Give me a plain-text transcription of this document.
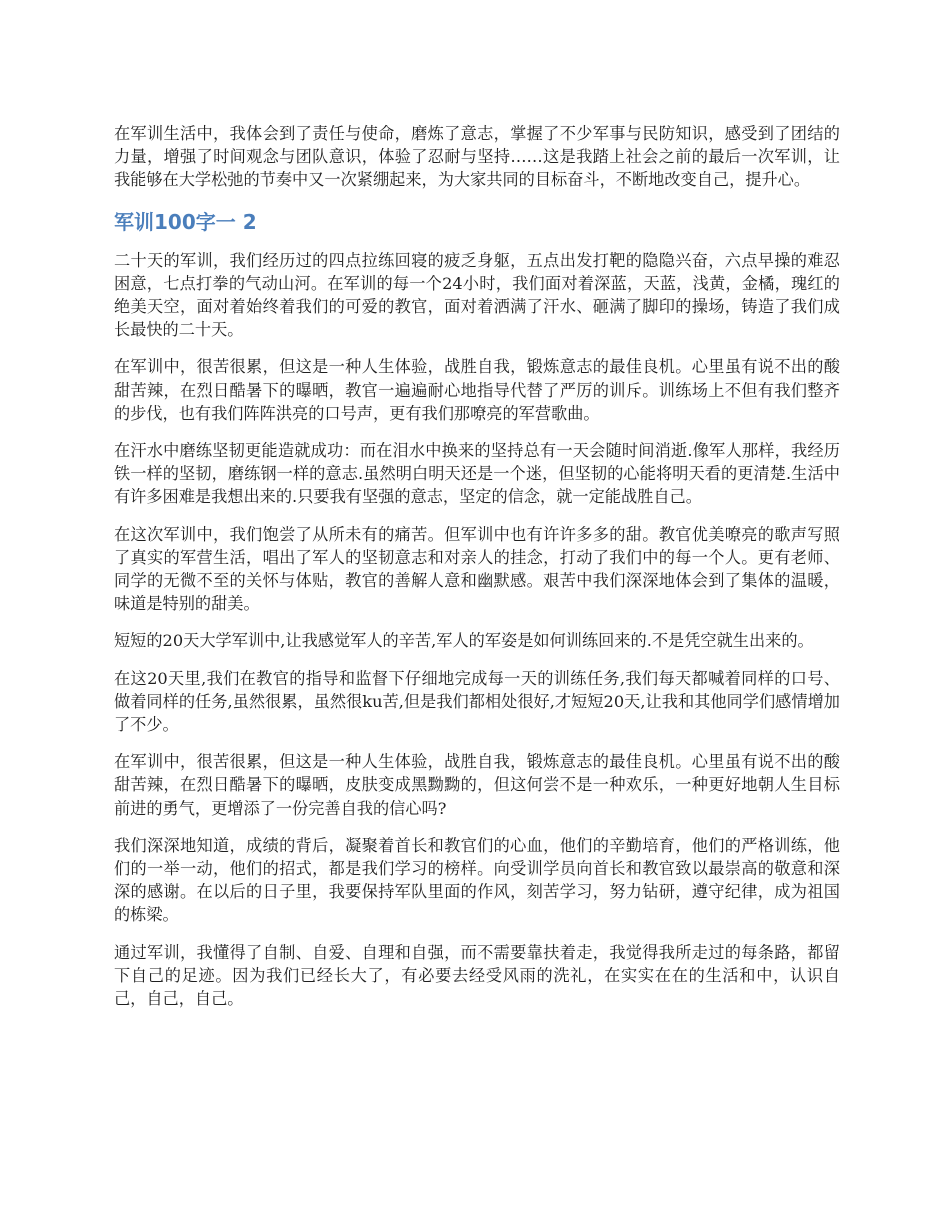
在军训生活中，我体会到了责任与使命，磨炼了意志，掌握了不少军事与民防知识，感受到了团结的力量，增强了时间观念与团队意识，体验了忍耐与坚持……这是我踏上社会之前的最后一次军训，让我能够在大学松弛的节奏中又一次紧绷起来，为大家共同的目标奋斗，不断地改变自己，提升心。

军训100字一 2

二十天的军训，我们经历过的四点拉练回寝的疲乏身躯，五点出发打靶的隐隐兴奋，六点早操的难忍困意，七点打拳的气动山河。在军训的每一个24小时，我们面对着深蓝，天蓝，浅黄，金橘，瑰红的绝美天空，面对着始终着我们的可爱的教官，面对着洒满了汗水、砸满了脚印的操场，铸造了我们成长最快的二十天。

在军训中，很苦很累，但这是一种人生体验，战胜自我，锻炼意志的最佳良机。心里虽有说不出的酸甜苦辣，在烈日酷暑下的曝晒，教官一遍遍耐心地指导代替了严厉的训斥。训练场上不但有我们整齐的步伐，也有我们阵阵洪亮的口号声，更有我们那嘹亮的军营歌曲。

在汗水中磨练坚韧更能造就成功：而在泪水中换来的坚持总有一天会随时间消逝.像军人那样，我经历铁一样的坚韧，磨练钢一样的意志.虽然明白明天还是一个迷，但坚韧的心能将明天看的更清楚.生活中有许多困难是我想出来的.只要我有坚强的意志，坚定的信念，就一定能战胜自己。

在这次军训中，我们饱尝了从所未有的痛苦。但军训中也有许许多多的甜。教官优美嘹亮的歌声写照了真实的军营生活，唱出了军人的坚韧意志和对亲人的挂念，打动了我们中的每一个人。更有老师、同学的无微不至的关怀与体贴，教官的善解人意和幽默感。艰苦中我们深深地体会到了集体的温暖，味道是特别的甜美。

短短的20天大学军训中,让我感觉军人的辛苦,军人的军姿是如何训练回来的.不是凭空就生出来的。

在这20天里,我们在教官的指导和监督下仔细地完成每一天的训练任务,我们每天都喊着同样的口号、做着同样的任务,虽然很累，虽然很ku苦,但是我们都相处很好,才短短20天,让我和其他同学们感情增加了不少。

在军训中，很苦很累，但这是一种人生体验，战胜自我，锻炼意志的最佳良机。心里虽有说不出的酸甜苦辣，在烈日酷暑下的曝晒，皮肤变成黑黝黝的，但这何尝不是一种欢乐，一种更好地朝人生目标前进的勇气，更增添了一份完善自我的信心吗?

我们深深地知道，成绩的背后，凝聚着首长和教官们的心血，他们的辛勤培育，他们的严格训练，他们的一举一动，他们的招式，都是我们学习的榜样。向受训学员向首长和教官致以最崇高的敬意和深深的感谢。在以后的日子里，我要保持军队里面的作风，刻苦学习，努力钻研，遵守纪律，成为祖国的栋梁。

通过军训，我懂得了自制、自爱、自理和自强，而不需要靠扶着走，我觉得我所走过的每条路，都留下自己的足迹。因为我们已经长大了，有必要去经受风雨的洗礼，在实实在在的生活和中，认识自己，自己，自己。
